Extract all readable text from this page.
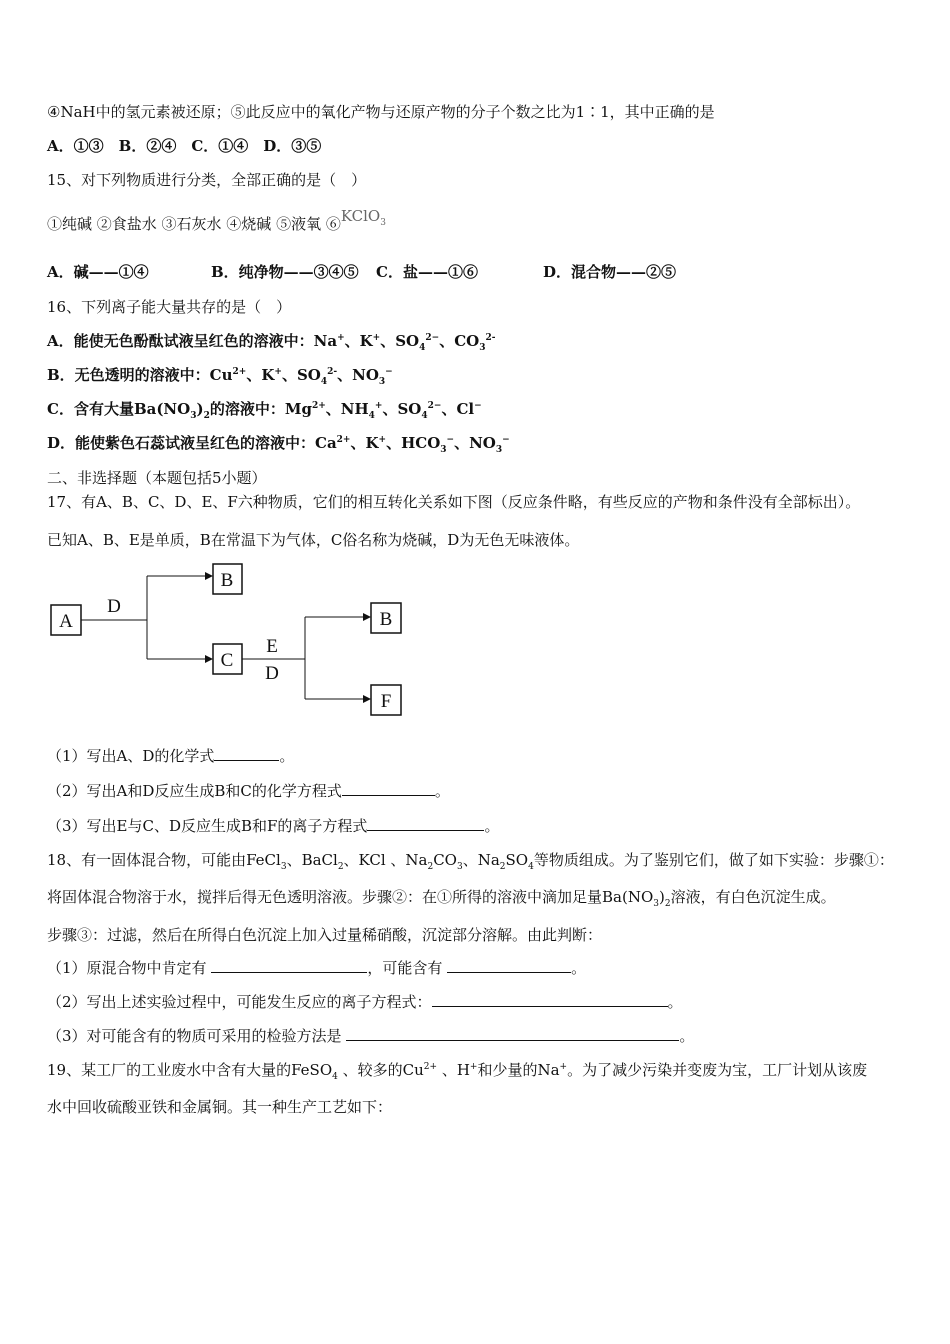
④NaH中的氢元素被还原；⑤此反应中的氧化产物与还原产物的分子个数之比为1∶1，其中正确的是
A．①③　B．②④　C．①④　D．③⑤
15、对下列物质进行分类，全部正确的是（　）
①纯碱 ②食盐水 ③石灰水 ④烧碱 ⑤液氧 ⑥KClO$_3$
A．碱——①④	B．纯净物——③④⑤ C．盐——①⑥	D．混合物——②⑤
16、下列离子能大量共存的是（　）
A．能使无色酚酞试液呈红色的溶液中：Na+、K+、$SO_4^{2-}$、$CO_3^{2-}$
B．无色透明的溶液中：$Cu^{2+}$、K+、$SO_4^{2-}$、$NO_3^-$
C．含有大量$Ba(NO_3)_2$的溶液中：$Mg^{2+}$、$NH_4^+$、$SO_4^{2-}$、Cl−
D．能使紫色石蕊试液呈红色的溶液中：$Ca^{2+}$、K+、$HCO_3^-$、$NO_3^-$
二、非选择题（本题包括5小题）
17、有A、B、C、D、E、F六种物质，它们的相互转化关系如下图（反应条件略，有些反应的产物和条件没有全部标出）。
已知A、B、E是单质，B在常温下为气体，C俗名称为烧碱，D为无色无味液体。
A
B
C
B
F
D
E
D
（1）写出A、D的化学式	。
（2）写出A和D反应生成B和C的化学方程式	。
（3）写出E与C、D反应生成B和F的离子方程式	。
18、有一固体混合物，可能由FeCl$_3$、BaCl$_2$、KCl 、$Na_2CO_3$、$Na_2SO_4$等物质组成。为了鉴别它们，做了如下实验：步骤①：
将固体混合物溶于水，搅拌后得无色透明溶液。步骤②：在①所得的溶液中滴加足量$Ba(NO_3)_2$溶液，有白色沉淀生成。
步骤③：过滤，然后在所得白色沉淀上加入过量稀硝酸，沉淀部分溶解。由此判断：
（1）原混合物中肯定有	，可能含有	。
（2）写出上述实验过程中，可能发生反应的离子方程式：	。
（3）对可能含有的物质可采用的检验方法是	。
19、某工厂的工业废水中含有大量的FeSO$_4$ 、较多的$Cu^{2+}$ 、H+和少量的Na+。为了减少污染并变废为宝，工厂计划从该废
水中回收硫酸亚铁和金属铜。其一种生产工艺如下：
